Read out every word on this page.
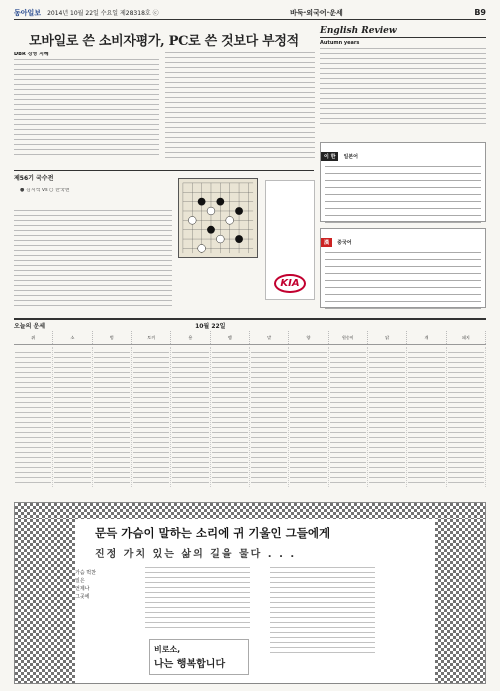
동아일보 2014년 10월 22일 수요일 제28318호 ⓒ	바둑·외국어·운세	B9
모바일로 쓴 소비자평가, PC로 쓴 것보다 부정적
DBR 경영 지혜
English Review
Autumn years
이 한 일본어
漢 중국어
제56기 국수전
● 김지석 vs ○ 한국현
KIA
오늘의 운세	10월 22일
쥐	소	범	토끼	용	뱀	말	양	원숭이	닭	개	돼지
문득 가슴이 말하는 소리에 귀 기울인 그들에게
진정 가치 있는 삶의 길을 물다 . . .
가슴 벅찬
일은
언제나
그곳에
비로소,
나는 행복합니다
